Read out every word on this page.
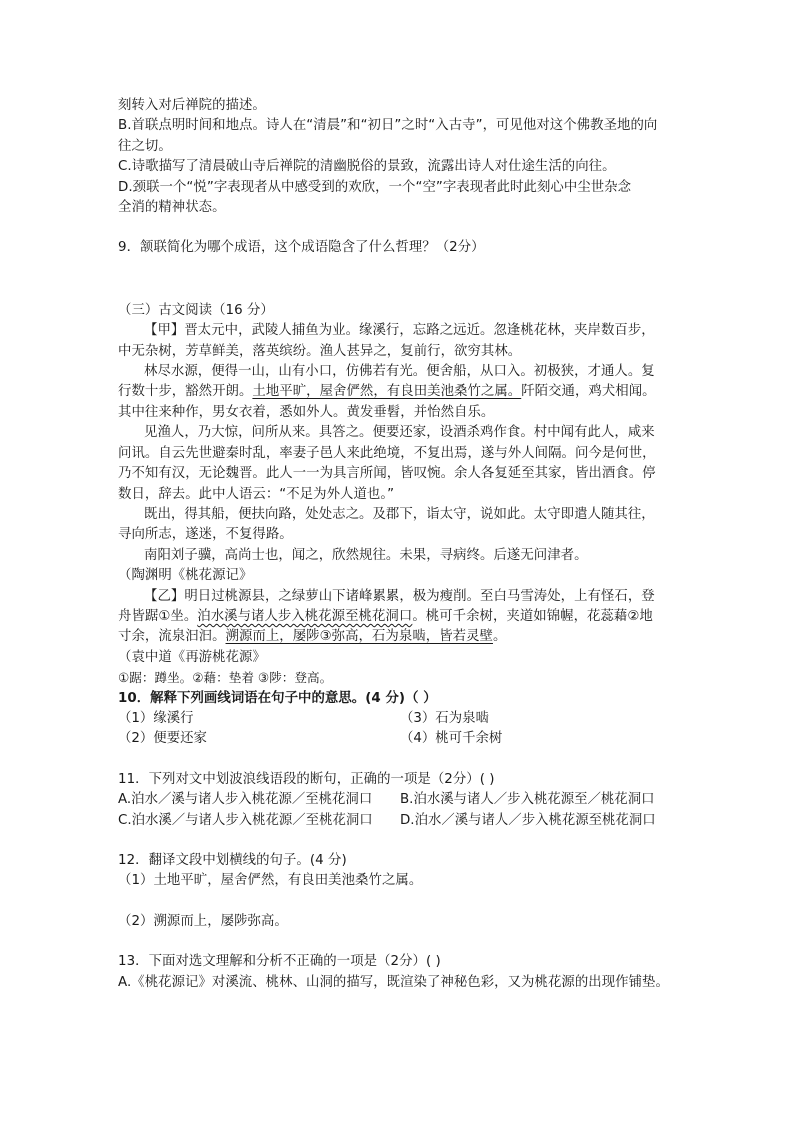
刻转入对后禅院的描述。
B.首联点明时间和地点。诗人在“清晨”和“初日”之时“入古寺”，可见他对这个佛教圣地的向
往之切。
C.诗歌描写了清晨破山寺后禅院的清幽脱俗的景致，流露出诗人对仕途生活的向往。
D.颈联一个“悦”字表现者从中感受到的欢欣，一个“空”字表现者此时此刻心中尘世杂念
全消的精神状态。
9．颔联简化为哪个成语，这个成语隐含了什么哲理？（2分）
（三）古文阅读（16 分）
【甲】晋太元中，武陵人捕鱼为业。缘溪行，忘路之远近。忽逢桃花林，夹岸数百步，
中无杂树，芳草鲜美，落英缤纷。渔人甚异之，复前行，欲穷其林。
林尽水源，便得一山，山有小口，仿佛若有光。便舍船，从口入。初极狭，才通人。复
行数十步，豁然开朗。土地平旷，屋舍俨然，有良田美池桑竹之属。阡陌交通，鸡犬相闻。
其中往来种作，男女衣着，悉如外人。黄发垂髫，并怡然自乐。
见渔人，乃大惊，问所从来。具答之。便要还家，设酒杀鸡作食。村中闻有此人，咸来
问讯。自云先世避秦时乱，率妻子邑人来此绝境，不复出焉，遂与外人间隔。问今是何世，
乃不知有汉，无论魏晋。此人一一为具言所闻，皆叹惋。余人各复延至其家，皆出酒食。停
数日，辞去。此中人语云：“不足为外人道也。”
既出，得其船，便扶向路，处处志之。及郡下，诣太守，说如此。太守即遣人随其往，
寻向所志，遂迷，不复得路。
南阳刘子骥，高尚士也，闻之，欣然规往。未果，寻病终。后遂无问津者。
（陶渊明《桃花源记》
【乙】明日过桃源县，之绿萝山下诸峰累累，极为瘦削。至白马雪涛处，上有怪石，登
舟皆踞①坐。泊水溪与诸人步入桃花源至桃花洞口。桃可千余树，夹道如锦幄，花蕊藉②地
寸余，流泉汩汩。溯源而上，屡陟③弥高，石为泉啮，皆若灵壁。
（袁中道《再游桃花源》
①踞：蹲坐。②藉：垫着 ③陟：登高。
10．解释下列画线词语在句子中的意思。(4 分)（ ）
（1）缘溪行	（3）石为泉啮
（2）便要还家	（4）桃可千余树
11．下列对文中划波浪线语段的断句，正确的一项是（2分）( )
A.泊水／溪与诸人步入桃花源／至桃花洞口	B.泊水溪与诸人／步入桃花源至／桃花洞口
C.泊水溪／与诸人步入桃花源／至桃花洞口	D.泊水／溪与诸人／步入桃花源至桃花洞口
12．翻译文段中划横线的句子。(4 分)
（1）土地平旷，屋舍俨然，有良田美池桑竹之属。
（2）溯源而上，屡陟弥高。
13．下面对选文理解和分析不正确的一项是（2分）( )
A.《桃花源记》对溪流、桃林、山洞的描写，既渲染了神秘色彩，又为桃花源的出现作铺垫。
